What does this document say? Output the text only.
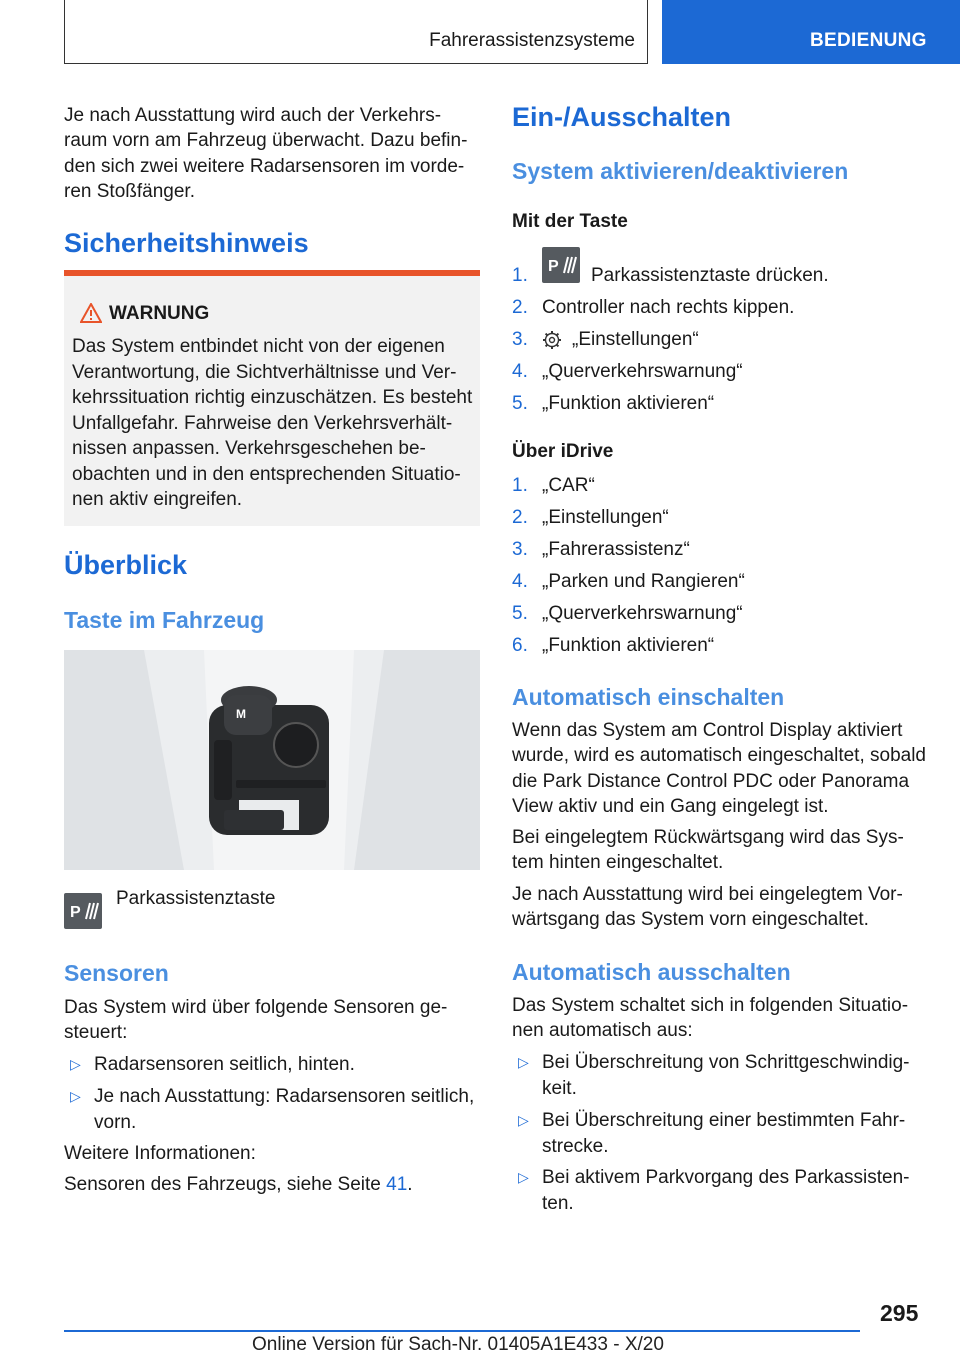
Fahrerassistenzsysteme	BEDIENUNG

Je nach Ausstattung wird auch der Verkehrs‐

raum vorn am Fahrzeug überwacht. Dazu befin‐

den sich zwei weitere Radarsensoren im vorde‐

ren Stoßfänger.

Sicherheitshinweis
WARNUNG
Das System entbindet nicht von der eigenen
Verantwortung, die Sichtverhältnisse und Ver‐
kehrssituation richtig einzuschätzen. Es besteht
Unfallgefahr. Fahrweise den Verkehrsverhält‐
nissen anpassen. Verkehrsgeschehen be‐
obachten und in den entsprechenden Situatio‐
nen aktiv eingreifen.
Überblick
Taste im Fahrzeug
M
P

Parkassistenztaste

Sensoren

Das System wird über folgende Sensoren ge‐

steuert:

▷ Radarsensoren seitlich, hinten.
▷ Je nach Ausstattung: Radarsensoren seitlich,
vorn.

Weitere Informationen:

Sensoren des Fahrzeugs, siehe Seite 41.

Ein-/Ausschalten
System aktivieren/deaktivieren
Mit der Taste
1. P Parkassistenztaste drücken.
2. Controller nach rechts kippen.
3. „Einstellungen“
4. „Querverkehrswarnung“
5. „Funktion aktivieren“
Über iDrive
1. „CAR“
2. „Einstellungen“
3. „Fahrerassistenz“
4. „Parken und Rangieren“
5. „Querverkehrswarnung“
6. „Funktion aktivieren“
Automatisch einschalten

Wenn das System am Control Display aktiviert

wurde, wird es automatisch eingeschaltet, sobald

die Park Distance Control PDC oder Panorama

View aktiv und ein Gang eingelegt ist.

Bei eingelegtem Rückwärtsgang wird das Sys‐

tem hinten eingeschaltet.

Je nach Ausstattung wird bei eingelegtem Vor‐

wärtsgang das System vorn eingeschaltet.

Automatisch ausschalten

Das System schaltet sich in folgenden Situatio‐

nen automatisch aus:

▷ Bei Überschreitung von Schrittgeschwindig‐
keit.
▷ Bei Überschreitung einer bestimmten Fahr‐
strecke.
▷ Bei aktivem Parkvorgang des Parkassisten‐
ten.
295
Online Version für Sach-Nr. 01405A1E433 - X/20
